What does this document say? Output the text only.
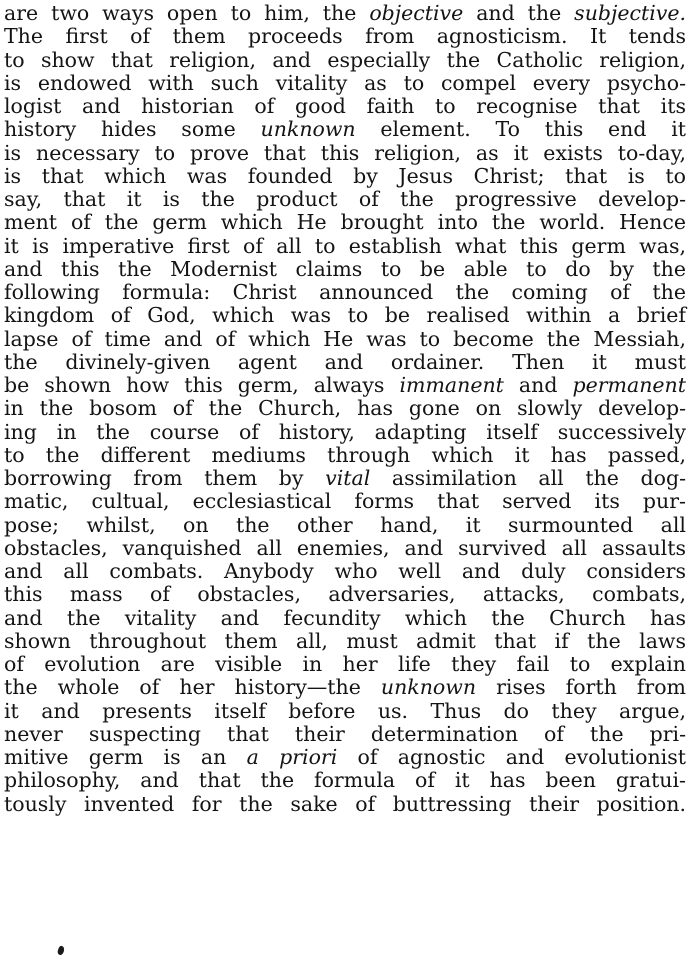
are two ways open to him, the objective and the subjective.
The first of them proceeds from agnosticism. It tends
to show that religion, and especially the Catholic religion,
is endowed with such vitality as to compel every psycho-
logist and historian of good faith to recognise that its
history hides some unknown element. To this end it
is necessary to prove that this religion, as it exists to-day,
is that which was founded by Jesus Christ; that is to
say, that it is the product of the progressive develop-
ment of the germ which He brought into the world. Hence
it is imperative first of all to establish what this germ was,
and this the Modernist claims to be able to do by the
following formula: Christ announced the coming of the
kingdom of God, which was to be realised within a brief
lapse of time and of which He was to become the Messiah,
the divinely-given agent and ordainer. Then it must
be shown how this germ, always immanent and permanent
in the bosom of the Church, has gone on slowly develop-
ing in the course of history, adapting itself successively
to the different mediums through which it has passed,
borrowing from them by vital assimilation all the dog-
matic, cultual, ecclesiastical forms that served its pur-
pose; whilst, on the other hand, it surmounted all
obstacles, vanquished all enemies, and survived all assaults
and all combats. Anybody who well and duly considers
this mass of obstacles, adversaries, attacks, combats,
and the vitality and fecundity which the Church has
shown throughout them all, must admit that if the laws
of evolution are visible in her life they fail to explain
the whole of her history—the unknown rises forth from
it and presents itself before us. Thus do they argue,
never suspecting that their determination of the pri-
mitive germ is an a priori of agnostic and evolutionist
philosophy, and that the formula of it has been gratui-
tously invented for the sake of buttressing their position.
